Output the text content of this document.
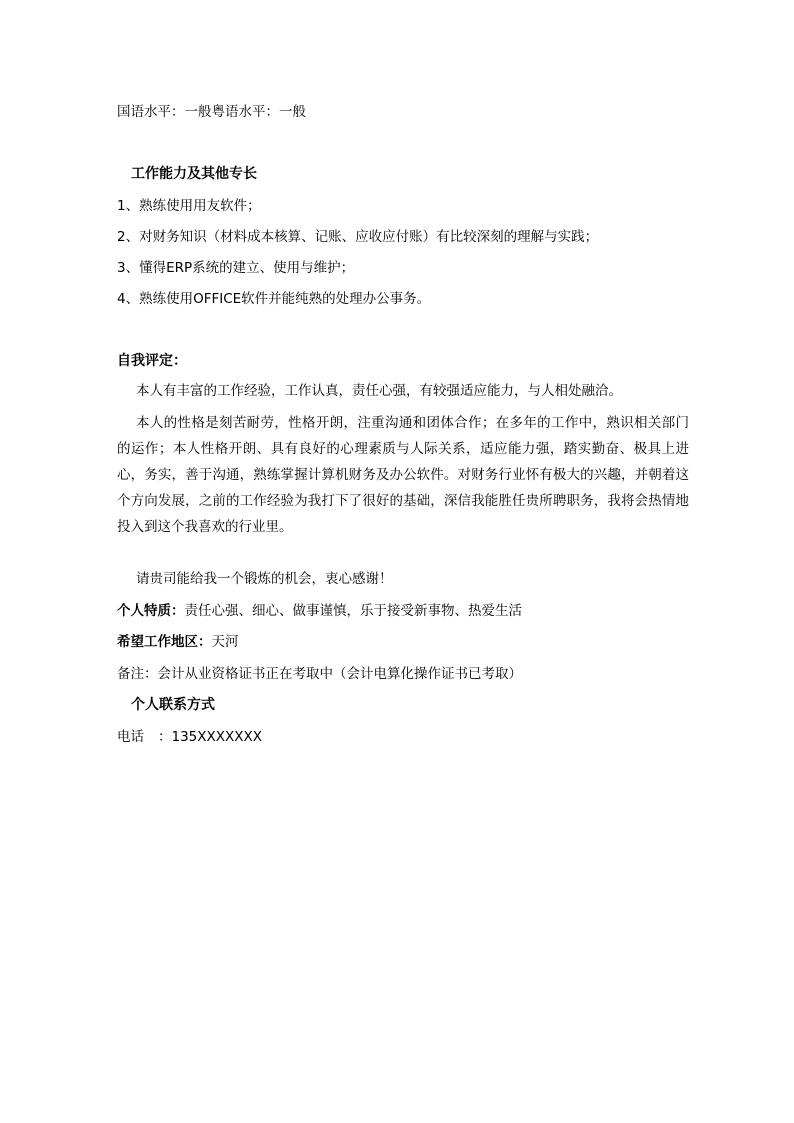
国语水平：一般粤语水平：一般
工作能力及其他专长
1、熟练使用用友软件；
2、对财务知识（材料成本核算、记账、应收应付账）有比较深刻的理解与实践；
3、懂得ERP系统的建立、使用与维护；
4、熟练使用OFFICE软件并能纯熟的处理办公事务。
自我评定：
本人有丰富的工作经验，工作认真，责任心强，有较强适应能力，与人相处融洽。
本人的性格是刻苦耐劳，性格开朗，注重沟通和团体合作；在多年的工作中，熟识相关部门的运作；本人性格开朗、具有良好的心理素质与人际关系，适应能力强，踏实勤奋、极具上进心，务实，善于沟通，熟练掌握计算机财务及办公软件。对财务行业怀有极大的兴趣，并朝着这个方向发展，之前的工作经验为我打下了很好的基础，深信我能胜任贵所聘职务，我将会热情地投入到这个我喜欢的行业里。
请贵司能给我一个锻炼的机会，衷心感谢！
个人特质：责任心强、细心、做事谨慎，乐于接受新事物、热爱生活
希望工作地区：天河
备注：会计从业资格证书正在考取中（会计电算化操作证书已考取）
个人联系方式
电话 ：135XXXXXXX
